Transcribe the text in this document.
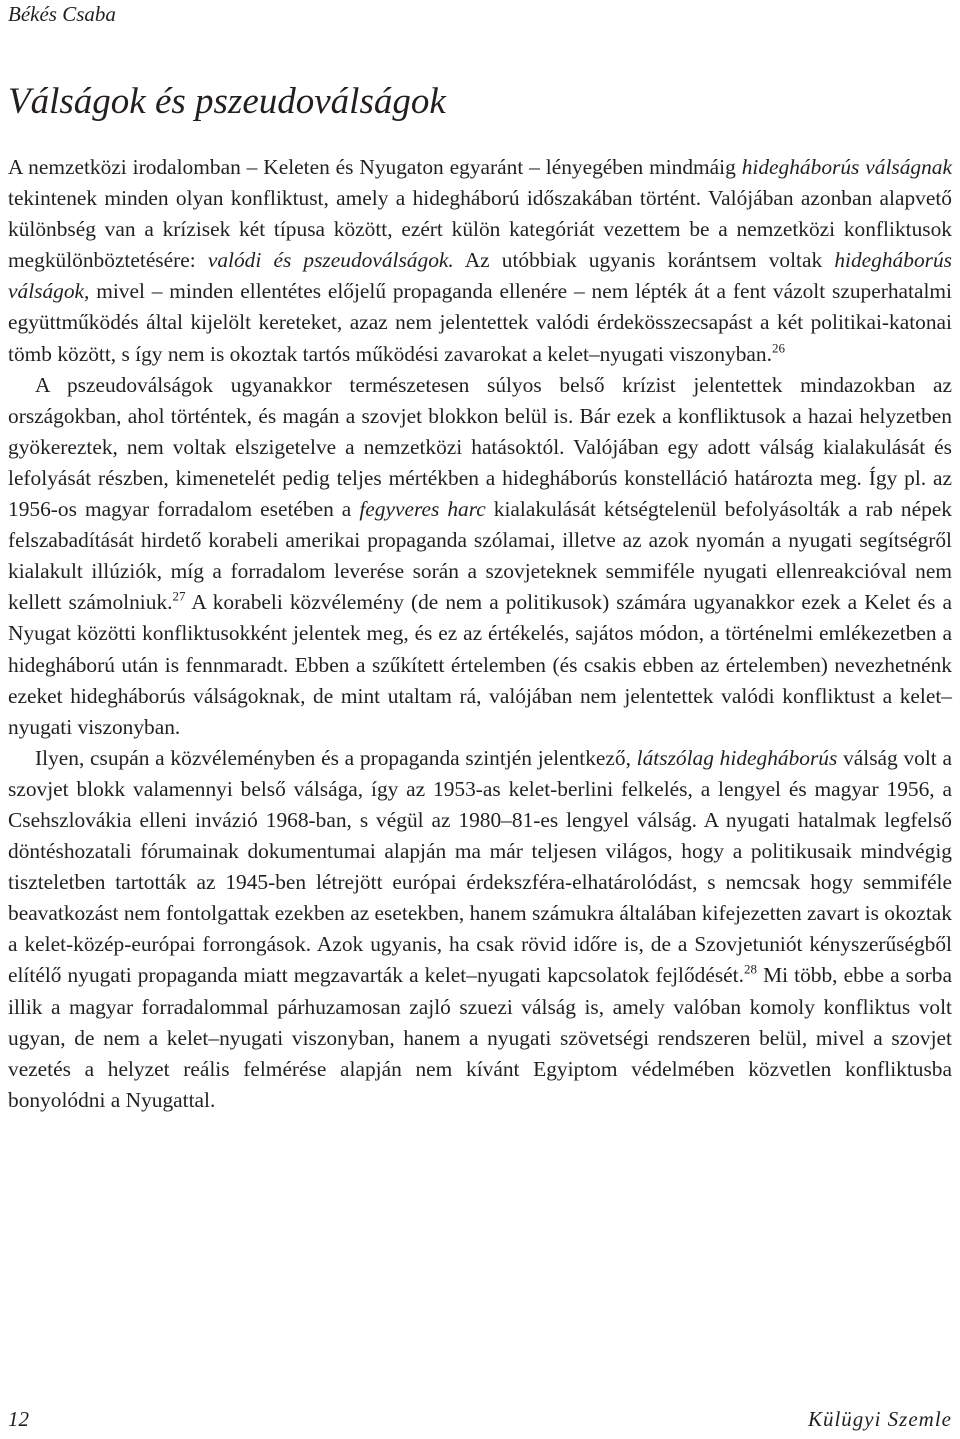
Békés Csaba
Válságok és pszeudoválságok

A nemzetközi irodalomban – Keleten és Nyugaton egyaránt – lényegében mindmáig hidegháborús válságnak tekintenek minden olyan konfliktust, amely a hidegháború időszakában történt. Valójában azonban alapvető különbség van a krízisek két típusa között, ezért külön kategóriát vezettem be a nemzetközi konfliktusok megkülönböztetésére: valódi és pszeudoválságok. Az utóbbiak ugyanis korántsem voltak hidegháborús válságok, mivel – minden ellentétes előjelű propaganda ellenére – nem lépték át a fent vázolt szuperhatalmi együttműködés által kijelölt kereteket, azaz nem jelentettek valódi érdekösszecsapást a két politikai-katonai tömb között, s így nem is okoztak tartós működési zavarokat a kelet–nyugati viszonyban.$^{26}$

A pszeudoválságok ugyanakkor természetesen súlyos belső krízist jelentettek mindazokban az országokban, ahol történtek, és magán a szovjet blokkon belül is. Bár ezek a konfliktusok a hazai helyzetben gyökereztek, nem voltak elszigetelve a nemzetközi hatásoktól. Valójában egy adott válság kialakulását és lefolyását részben, kimenetelét pedig teljes mértékben a hidegháborús konstelláció határozta meg. Így pl. az 1956-os magyar forradalom esetében a fegyveres harc kialakulását kétségtelenül befolyásolták a rab népek felszabadítását hirdető korabeli amerikai propaganda szólamai, illetve az azok nyomán a nyugati segítségről kialakult illúziók, míg a forradalom leverése során a szovjeteknek semmiféle nyugati ellenreakcióval nem kellett számolniuk.$^{27}$ A korabeli közvélemény (de nem a politikusok) számára ugyanakkor ezek a Kelet és a Nyugat közötti konfliktusokként jelentek meg, és ez az értékelés, sajátos módon, a történelmi emlékezetben a hidegháború után is fennmaradt. Ebben a szűkített értelemben (és csakis ebben az értelemben) nevezhetnénk ezeket hidegháborús válságoknak, de mint utaltam rá, valójában nem jelentettek valódi konfliktust a kelet–nyugati viszonyban.

Ilyen, csupán a közvéleményben és a propaganda szintjén jelentkező, látszólag hidegháborús válság volt a szovjet blokk valamennyi belső válsága, így az 1953-as kelet-berlini felkelés, a lengyel és magyar 1956, a Csehszlovákia elleni invázió 1968-ban, s végül az 1980–81-es lengyel válság. A nyugati hatalmak legfelső döntéshozatali fórumainak dokumentumai alapján ma már teljesen világos, hogy a politikusaik mindvégig tiszteletben tartották az 1945-ben létrejött európai érdekszféra-elhatárolódást, s nemcsak hogy semmiféle beavatkozást nem fontolgattak ezekben az esetekben, hanem számukra általában kifejezetten zavart is okoztak a kelet-közép-európai forrongások. Azok ugyanis, ha csak rövid időre is, de a Szovjetuniót kényszerűségből elítélő nyugati propaganda miatt megzavarták a kelet–nyugati kapcsolatok fejlődését.$^{28}$ Mi több, ebbe a sorba illik a magyar forradalommal párhuzamosan zajló szuezi válság is, amely valóban komoly konfliktus volt ugyan, de nem a kelet–nyugati viszonyban, hanem a nyugati szövetségi rendszeren belül, mivel a szovjet vezetés a helyzet reális felmérése alapján nem kívánt Egyiptom védelmében közvetlen konfliktusba bonyolódni a Nyugattal.

12	Külügyi Szemle
